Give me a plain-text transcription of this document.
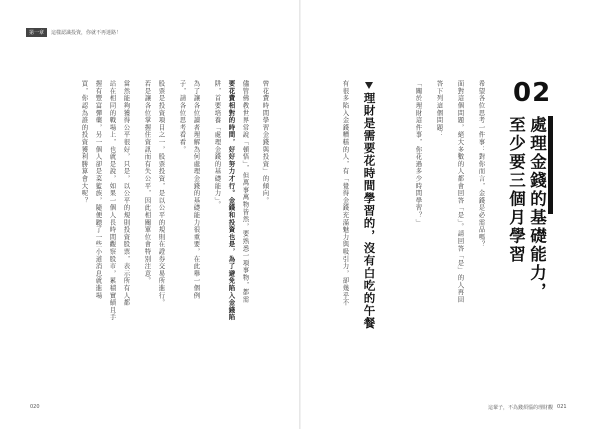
第一章	這樣認識投資，你就不再迷路！
曾花費時間學習金錢與投資」的傾向。
儘管佛教世界常說「頓悟」，但萬事萬物皆然，要熟悉一項事物，都需
要花費相對的時間，好好努力才行。金錢和投資也是，為了避免陷入金錢陷
阱，首要培養「處理金錢的基礎能力」。
為了讓各位讀者理解為何處理金錢的基礎能力很重要，在此舉一個例
子，請各位思考看看。
股票是投資項目之一，股票投資，是以公平的規則在證券交易所進行。
若是讓各位掌握住資訊而有失公平，因此相關單位會特別注意。
當然能夠獲得公平很好，只是，以公平的規則投資股票，表示所有人都
站在相同的戰場上，也就是說，如果一個人長時間觀察股市，累積實績且手
握有豐富彈藥，另一個人卻是菜籃族，隨便聽了一些小道消息就進場
買，你認為誰的投資獲利勝算會大呢？
020
02
處理金錢的基礎能力，
至少要三個月學習
希望各位思考一件事：對你而言，金錢是必需品嗎？
面對這個問題，絕大多數的人都會回答「是」。請回答「是」的人再回
答下列這個問題：
「關於理財這件事，你花過多少時間學習？」
理財是需要花時間學習的，沒有白吃的午餐
有很多陷入金錢糟糕的人，有「覺得金錢充滿魅力與吸引力，卻幾乎不
這輩子，不為錢煩惱的理財觀 021
